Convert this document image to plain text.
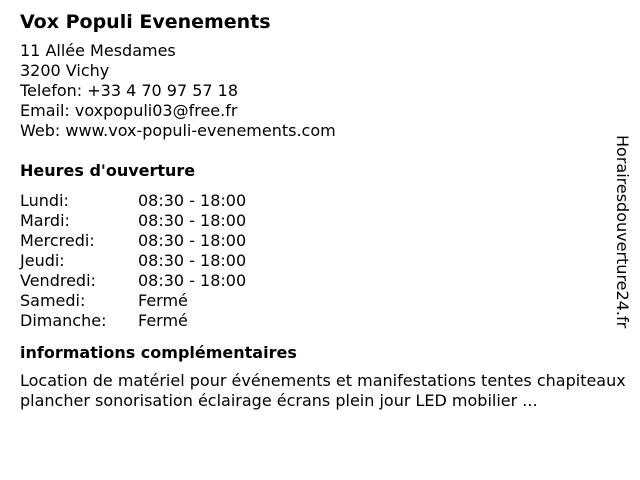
Vox Populi Evenements
11 Allée Mesdames
3200 Vichy
Telefon: +33 4 70 97 57 18
Email: voxpopuli03@free.fr
Web: www.vox-populi-evenements.com
Heures d'ouverture
Lundi:	08:30 - 18:00
Mardi:	08:30 - 18:00
Mercredi:	08:30 - 18:00
Jeudi:	08:30 - 18:00
Vendredi:	08:30 - 18:00
Samedi:	Fermé
Dimanche:	Fermé
informations complémentaires
Location de matériel pour événements et manifestations tentes chapiteaux plancher sonorisation éclairage écrans plein jour LED mobilier ...
Horairesdouverture24.fr
